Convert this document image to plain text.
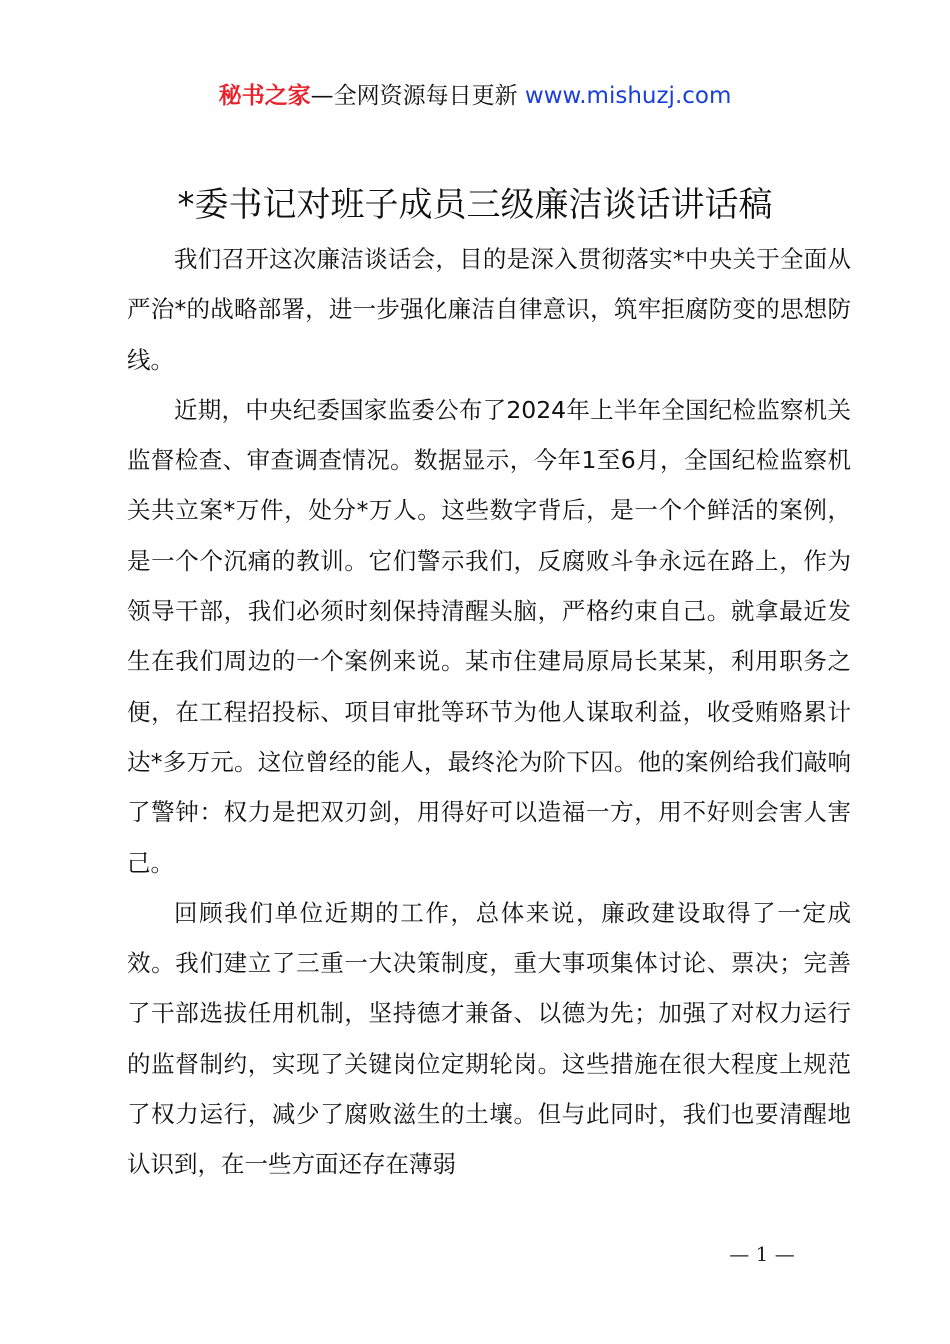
秘书之家—全网资源每日更新 www.mishuzj.com
*委书记对班子成员三级廉洁谈话讲话稿

我们召开这次廉洁谈话会，目的是深入贯彻落实*中央关于全面从严治*的战略部署，进一步强化廉洁自律意识，筑牢拒腐防变的思想防线。

近期，中央纪委国家监委公布了2024年上半年全国纪检监察机关监督检查、审查调查情况。数据显示，今年1至6月，全国纪检监察机关共立案*万件，处分*万人。这些数字背后，是一个个鲜活的案例，是一个个沉痛的教训。它们警示我们，反腐败斗争永远在路上，作为领导干部，我们必须时刻保持清醒头脑，严格约束自己。就拿最近发生在我们周边的一个案例来说。某市住建局原局长某某，利用职务之便，在工程招投标、项目审批等环节为他人谋取利益，收受贿赂累计达*多万元。这位曾经的能人，最终沦为阶下囚。他的案例给我们敲响了警钟：权力是把双刃剑，用得好可以造福一方，用不好则会害人害己。

回顾我们单位近期的工作，总体来说，廉政建设取得了一定成效。我们建立了三重一大决策制度，重大事项集体讨论、票决；完善了干部选拔任用机制，坚持德才兼备、以德为先；加强了对权力运行的监督制约，实现了关键岗位定期轮岗。这些措施在很大程度上规范了权力运行，减少了腐败滋生的土壤。但与此同时，我们也要清醒地认识到，在一些方面还存在薄弱

— 1 —
